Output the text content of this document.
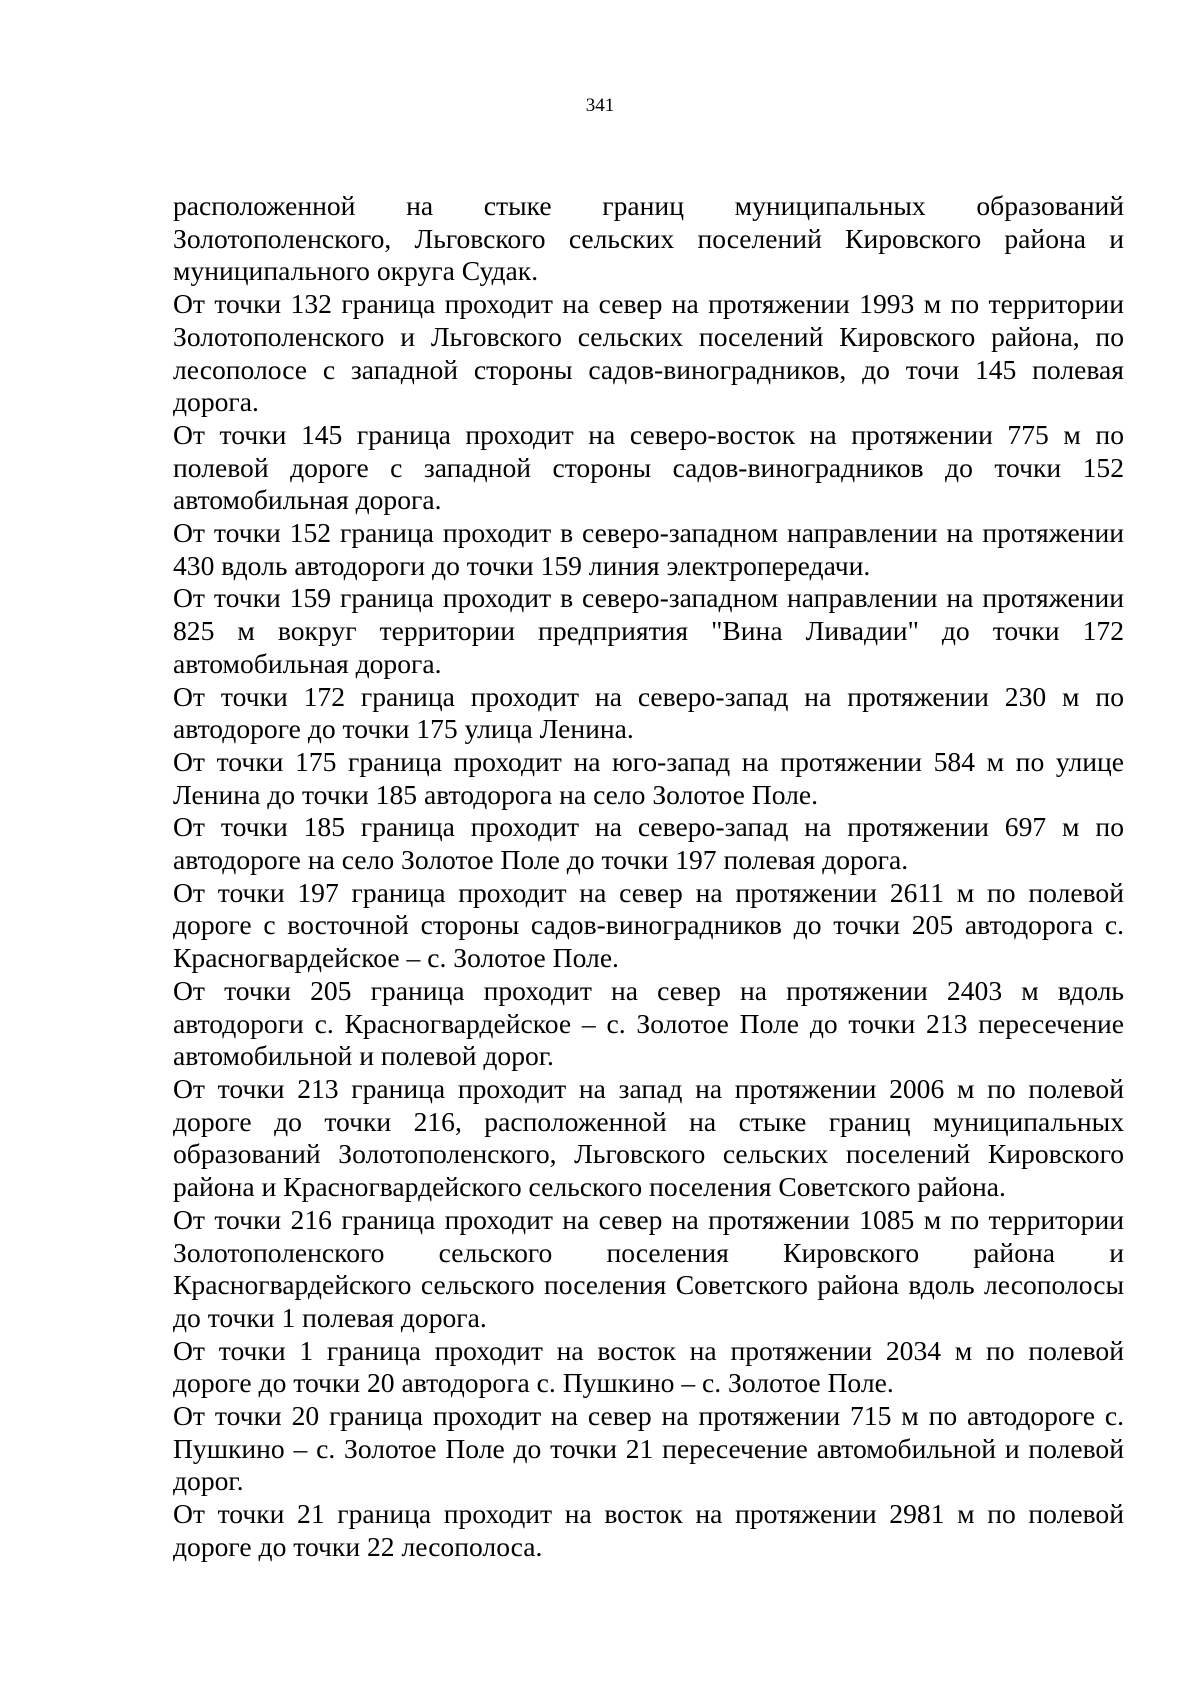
341

расположенной на стыке границ муниципальных образований Золотополенского, Льговского сельских поселений Кировского района и муниципального округа Судак.

От точки 132 граница проходит на север на протяжении 1993 м по территории Золотополенского и Льговского сельских поселений Кировского района, по лесополосе с западной стороны садов-виноградников, до точи 145 полевая дорога.

От точки 145 граница проходит на северо-восток на протяжении 775 м по полевой дороге с западной стороны садов-виноградников до точки 152 автомобильная дорога.

От точки 152 граница проходит в северо-западном направлении на протяжении 430 вдоль автодороги до точки 159 линия электропередачи.

От точки 159 граница проходит в северо-западном направлении на протяжении 825 м вокруг территории предприятия "Вина Ливадии" до точки 172 автомобильная дорога.

От точки 172 граница проходит на северо-запад на протяжении 230 м по автодороге до точки 175 улица Ленина.

От точки 175 граница проходит на юго-запад на протяжении 584 м по улице Ленина до точки 185 автодорога на село Золотое Поле.

От точки 185 граница проходит на северо-запад на протяжении 697 м по автодороге на село Золотое Поле до точки 197 полевая дорога.

От точки 197 граница проходит на север на протяжении 2611 м по полевой дороге с восточной стороны садов-виноградников до точки 205 автодорога с. Красногвардейское – с. Золотое Поле.

От точки 205 граница проходит на север на протяжении 2403 м вдоль автодороги с. Красногвардейское – с. Золотое Поле до точки 213 пересечение автомобильной и полевой дорог.

От точки 213 граница проходит на запад на протяжении 2006 м по полевой дороге до точки 216, расположенной на стыке границ муниципальных образований Золотополенского, Льговского сельских поселений Кировского района и Красногвардейского сельского поселения Советского района.

От точки 216 граница проходит на север на протяжении 1085 м по территории Золотополенского сельского поселения Кировского района и Красногвардейского сельского поселения Советского района вдоль лесополосы до точки 1 полевая дорога.

От точки 1 граница проходит на восток на протяжении 2034 м по полевой дороге до точки 20 автодорога с. Пушкино – с. Золотое Поле.

От точки 20 граница проходит на север на протяжении 715 м по автодороге с. Пушкино – с. Золотое Поле до точки 21 пересечение автомобильной и полевой дорог.

От точки 21 граница проходит на восток на протяжении 2981 м по полевой дороге до точки 22 лесополоса.
